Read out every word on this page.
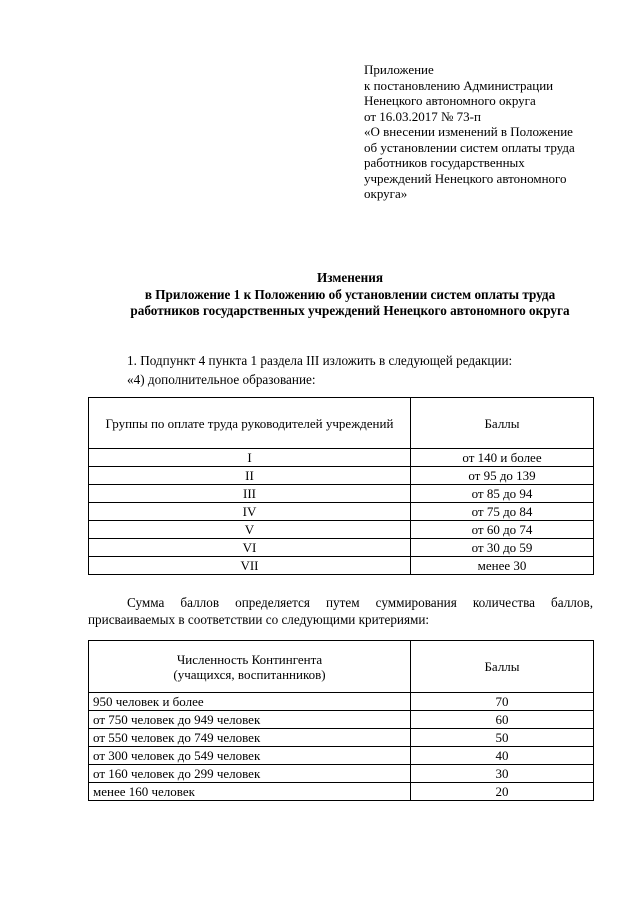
Приложение
к постановлению Администрации
Ненецкого автономного округа
от 16.03.2017 № 73-п
«О внесении изменений в Положение
об установлении систем оплаты труда
работников государственных
учреждений Ненецкого автономного
округа»
Изменения
в Приложение 1 к Положению об установлении систем оплаты труда
работников государственных учреждений Ненецкого автономного округа
1. Подпункт 4 пункта 1 раздела III изложить в следующей редакции:
«4) дополнительное образование:
Группы по оплате труда руководителей учреждений	Баллы
I	от 140 и более
II	от 95 до 139
III	от 85 до 94
IV	от 75 до 84
V	от 60 до 74
VI	от 30 до 59
VII	менее 30
Сумма баллов определяется путем суммирования количества баллов, присваиваемых в соответствии со следующими критериями:
Численность Контингента
(учащихся, воспитанников)	Баллы
950 человек и более	70
от 750 человек до 949 человек	60
от 550 человек до 749 человек	50
от 300 человек до 549 человек	40
от 160 человек до 299 человек	30
менее 160 человек	20
